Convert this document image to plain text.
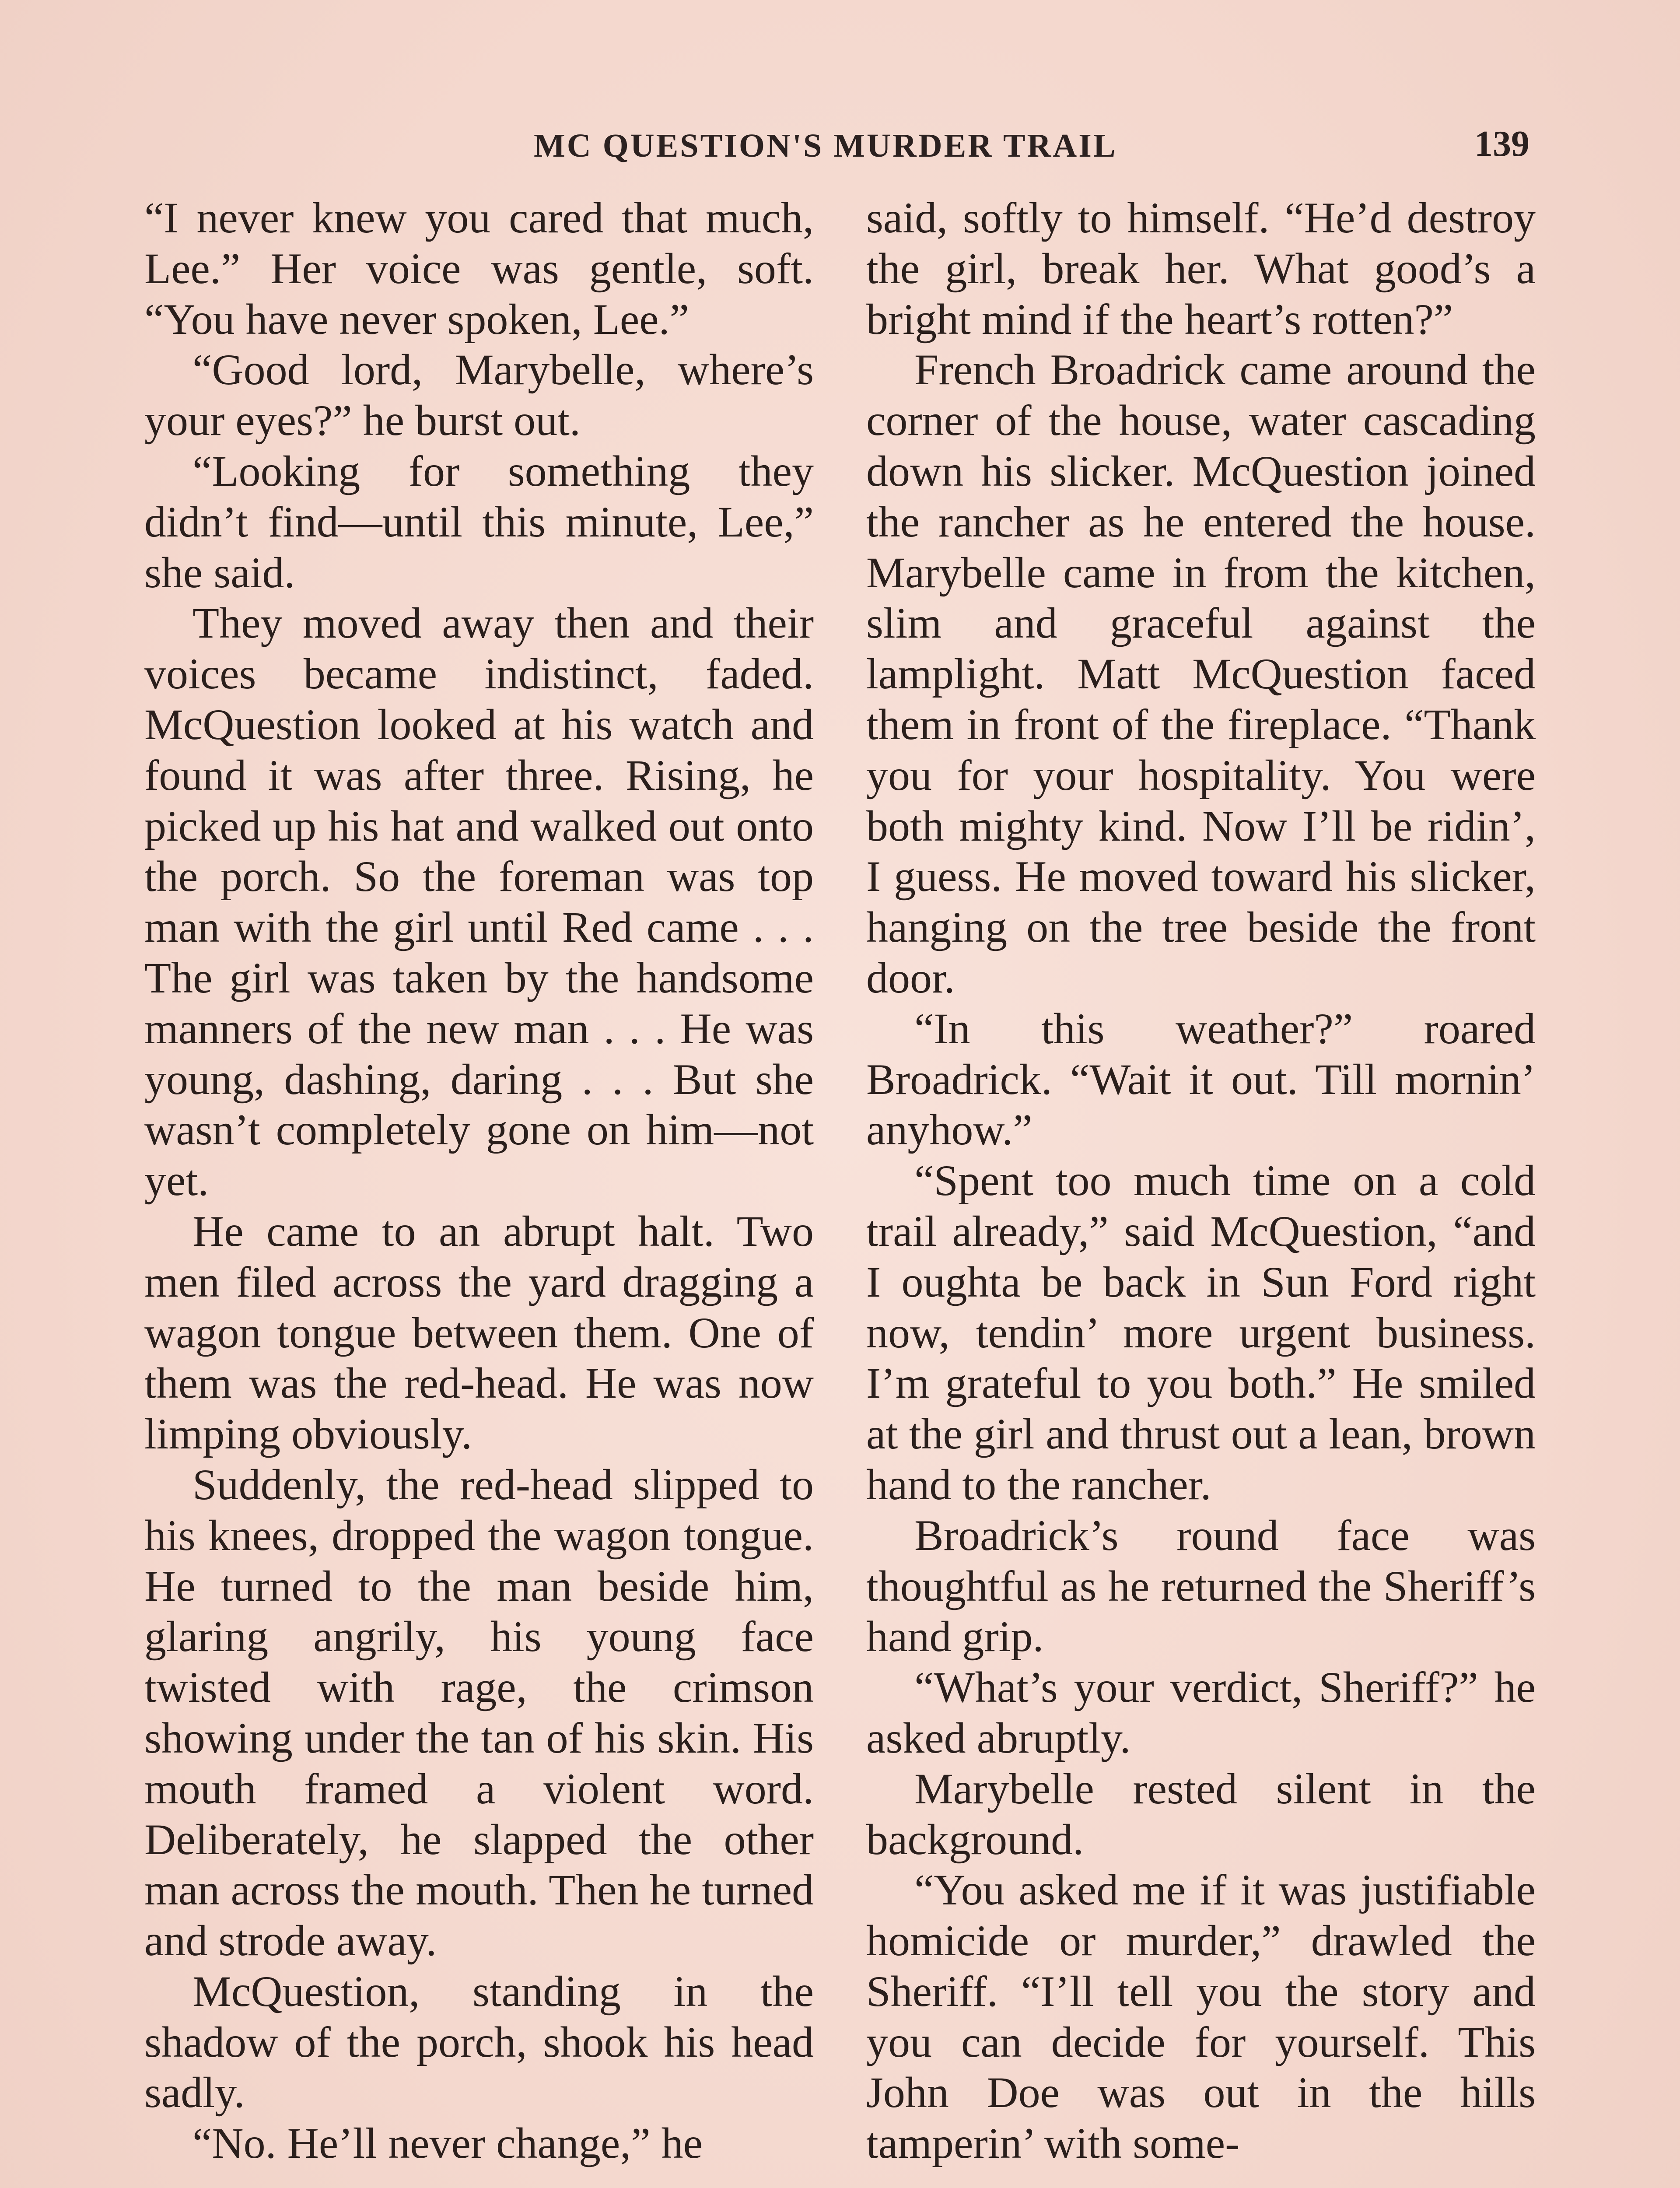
MC QUESTION'S MURDER TRAIL	139

“I never knew you cared that much, Lee.” Her voice was gentle, soft. “You have never spoken, Lee.”

“Good lord, Marybelle, where’s your eyes?” he burst out.

“Looking for something they didn’t find—until this minute, Lee,” she said.

They moved away then and their voices became indistinct, faded. McQuestion looked at his watch and found it was after three. Rising, he picked up his hat and walked out onto the porch. So the foreman was top man with the girl until Red came . . . The girl was taken by the handsome manners of the new man . . . He was young, dashing, daring . . . But she wasn’t completely gone on him—not yet.

He came to an abrupt halt. Two men filed across the yard dragging a wagon tongue between them. One of them was the red-head. He was now limping obviously.

Suddenly, the red-head slipped to his knees, dropped the wagon tongue. He turned to the man beside him, glaring angrily, his young face twisted with rage, the crimson showing under the tan of his skin. His mouth framed a violent word. Deliberately, he slapped the other man across the mouth. Then he turned and strode away.

McQuestion, standing in the shadow of the porch, shook his head sadly.

“No. He’ll never change,” he

said, softly to himself. “He’d destroy the girl, break her. What good’s a bright mind if the heart’s rotten?”

French Broadrick came around the corner of the house, water cascading down his slicker. McQuestion joined the rancher as he entered the house. Marybelle came in from the kitchen, slim and graceful against the lamplight. Matt McQuestion faced them in front of the fireplace. “Thank you for your hospitality. You were both mighty kind. Now I’ll be ridin’, I guess. He moved toward his slicker, hanging on the tree beside the front door.

“In this weather?” roared Broadrick. “Wait it out. Till mornin’ anyhow.”

“Spent too much time on a cold trail already,” said McQuestion, “and I oughta be back in Sun Ford right now, tendin’ more urgent business. I’m grateful to you both.” He smiled at the girl and thrust out a lean, brown hand to the rancher.

Broadrick’s round face was thoughtful as he returned the Sheriff’s hand grip.

“What’s your verdict, Sheriff?” he asked abruptly.

Marybelle rested silent in the background.

“You asked me if it was justifiable homicide or murder,” drawled the Sheriff. “I’ll tell you the story and you can decide for yourself. This John Doe was out in the hills tamperin’ with some-
